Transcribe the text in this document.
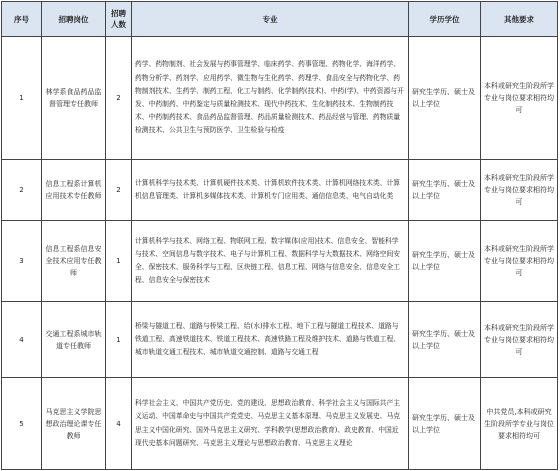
序号	招聘岗位	招聘人数	专业	学历学位	其他要求
1	林学系食品药品监督管理专任教师	2	药学、药物制剂、社会发展与药事管理学、临床药学、药事管理、药物化学、海洋药学、药物分析学、药剂学、应用药学、微生物与生化药学、药理学、食品安全与药物化学、药物制剂技术、生药学、制药工程、化工与制药、化学制药(技术)、中药(学)、中药资源与开发、中药制药、中药鉴定与质量检测技术、现代中药技术、生化制药技术、生物制药技术、中药制药技术、食品药品监督管理、药品质量检测技术、药品经营与管理、药物质量检测技术、公共卫生与预防医学、卫生检验与检疫	研究生学历、硕士及以上学位	本科或研究生阶段所学专业与岗位要求相符均可
2	信息工程系计算机应用技术专任教师	2	计算机科学与技术类、计算机硬件技术类、计算机软件技术类、计算机网络技术类、计算机信息管理类、计算机多媒体技术类、计算机专门应用类、通信信息类、电气自动化类	研究生学历、硕士及以上学位	本科或研究生阶段所学专业与岗位要求相符均可
3	信息工程系信息安全技术应用专任教师	1	计算机科学与技术、网络工程、物联网工程、数字媒体(应用)技术、信息安全、智能科学与技术、空间信息与数字技术、电子与计算机工程、数据科学与大数据技术、网络空间安全、保密技术、服务科学与工程、区块链工程、信息工程、网络与信息安全、信息安全工程、信息安全与保密技术	研究生学历、硕士及以上学位	本科或研究生阶段所学专业与岗位要求相符均可
4	交通工程系城市轨道专任教师	1	桥梁与隧道工程、道路与桥梁工程、给(水)排水工程、地下工程与隧道工程技术、道路与铁道工程、高速铁道技术、铁道工程技术、高速铁路工程及维护技术、道路与铁道工程、城市轨道交通工程技术、城市轨道交通控制、道路与交通工程	研究生学历、硕士及以上学位	本科或研究生阶段所学专业与岗位要求相符均可
5	马克思主义学院思想政治理论课专任教师	4	科学社会主义、中国共产党历史、党的建设、思想政治教育、科学社会主义与国际共产主义运动、中国革命史与中国共产党党史、马克思主义基本原理、马克思主义发展史、马克思主义中国化研究、国外马克思主义研究、学科教学(思想政治教育)、政史教育、中国近现代史基本问题研究、马克思主义理论与思想政治教育、马克思主义理论	研究生学历、硕士及以上学位	中共党员,本科或研究生阶段所学专业与岗位要求相符均可
